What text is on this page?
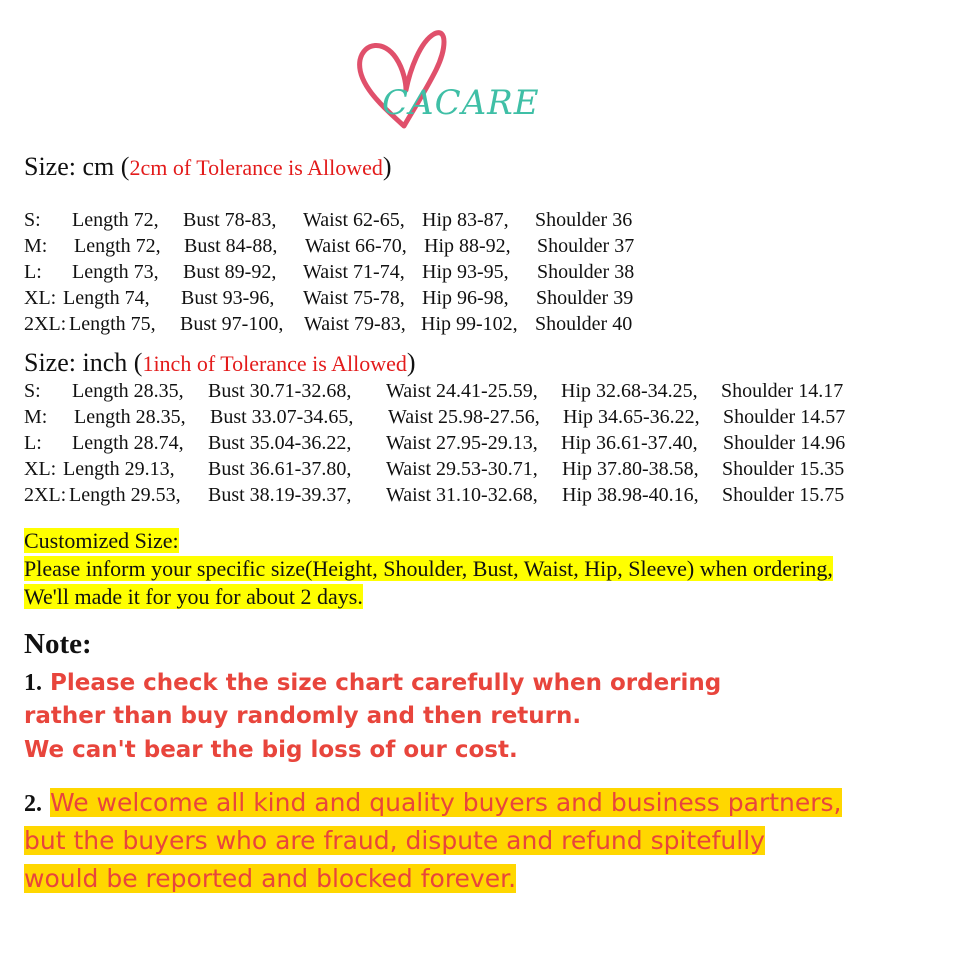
CACARE
Size: cm (2cm of Tolerance is Allowed)
S: Length 72, Bust 78-83, Waist 62-65, Hip 83-87, Shoulder 36
M: Length 72, Bust 84-88, Waist 66-70, Hip 88-92, Shoulder 37
L: Length 73, Bust 89-92, Waist 71-74, Hip 93-95, Shoulder 38
XL: Length 74, Bust 93-96, Waist 75-78, Hip 96-98, Shoulder 39
2XL: Length 75, Bust 97-100, Waist 79-83, Hip 99-102, Shoulder 40
Size: inch (1inch of Tolerance is Allowed)
S: Length 28.35, Bust 30.71-32.68, Waist 24.41-25.59, Hip 32.68-34.25, Shoulder 14.17
M: Length 28.35, Bust 33.07-34.65, Waist 25.98-27.56, Hip 34.65-36.22, Shoulder 14.57
L: Length 28.74, Bust 35.04-36.22, Waist 27.95-29.13, Hip 36.61-37.40, Shoulder 14.96
XL: Length 29.13, Bust 36.61-37.80, Waist 29.53-30.71, Hip 37.80-38.58, Shoulder 15.35
2XL: Length 29.53, Bust 38.19-39.37, Waist 31.10-32.68, Hip 38.98-40.16, Shoulder 15.75
Customized Size:
Please inform your specific size(Height, Shoulder, Bust, Waist, Hip, Sleeve) when ordering,
We'll made it for you for about 2 days.
Note:
1. Please check the size chart carefully when ordering
rather than buy randomly and then return.
We can't bear the big loss of our cost.
2. We welcome all kind and quality buyers and business partners,
but the buyers who are fraud, dispute and refund spitefully
would be reported and blocked forever.
